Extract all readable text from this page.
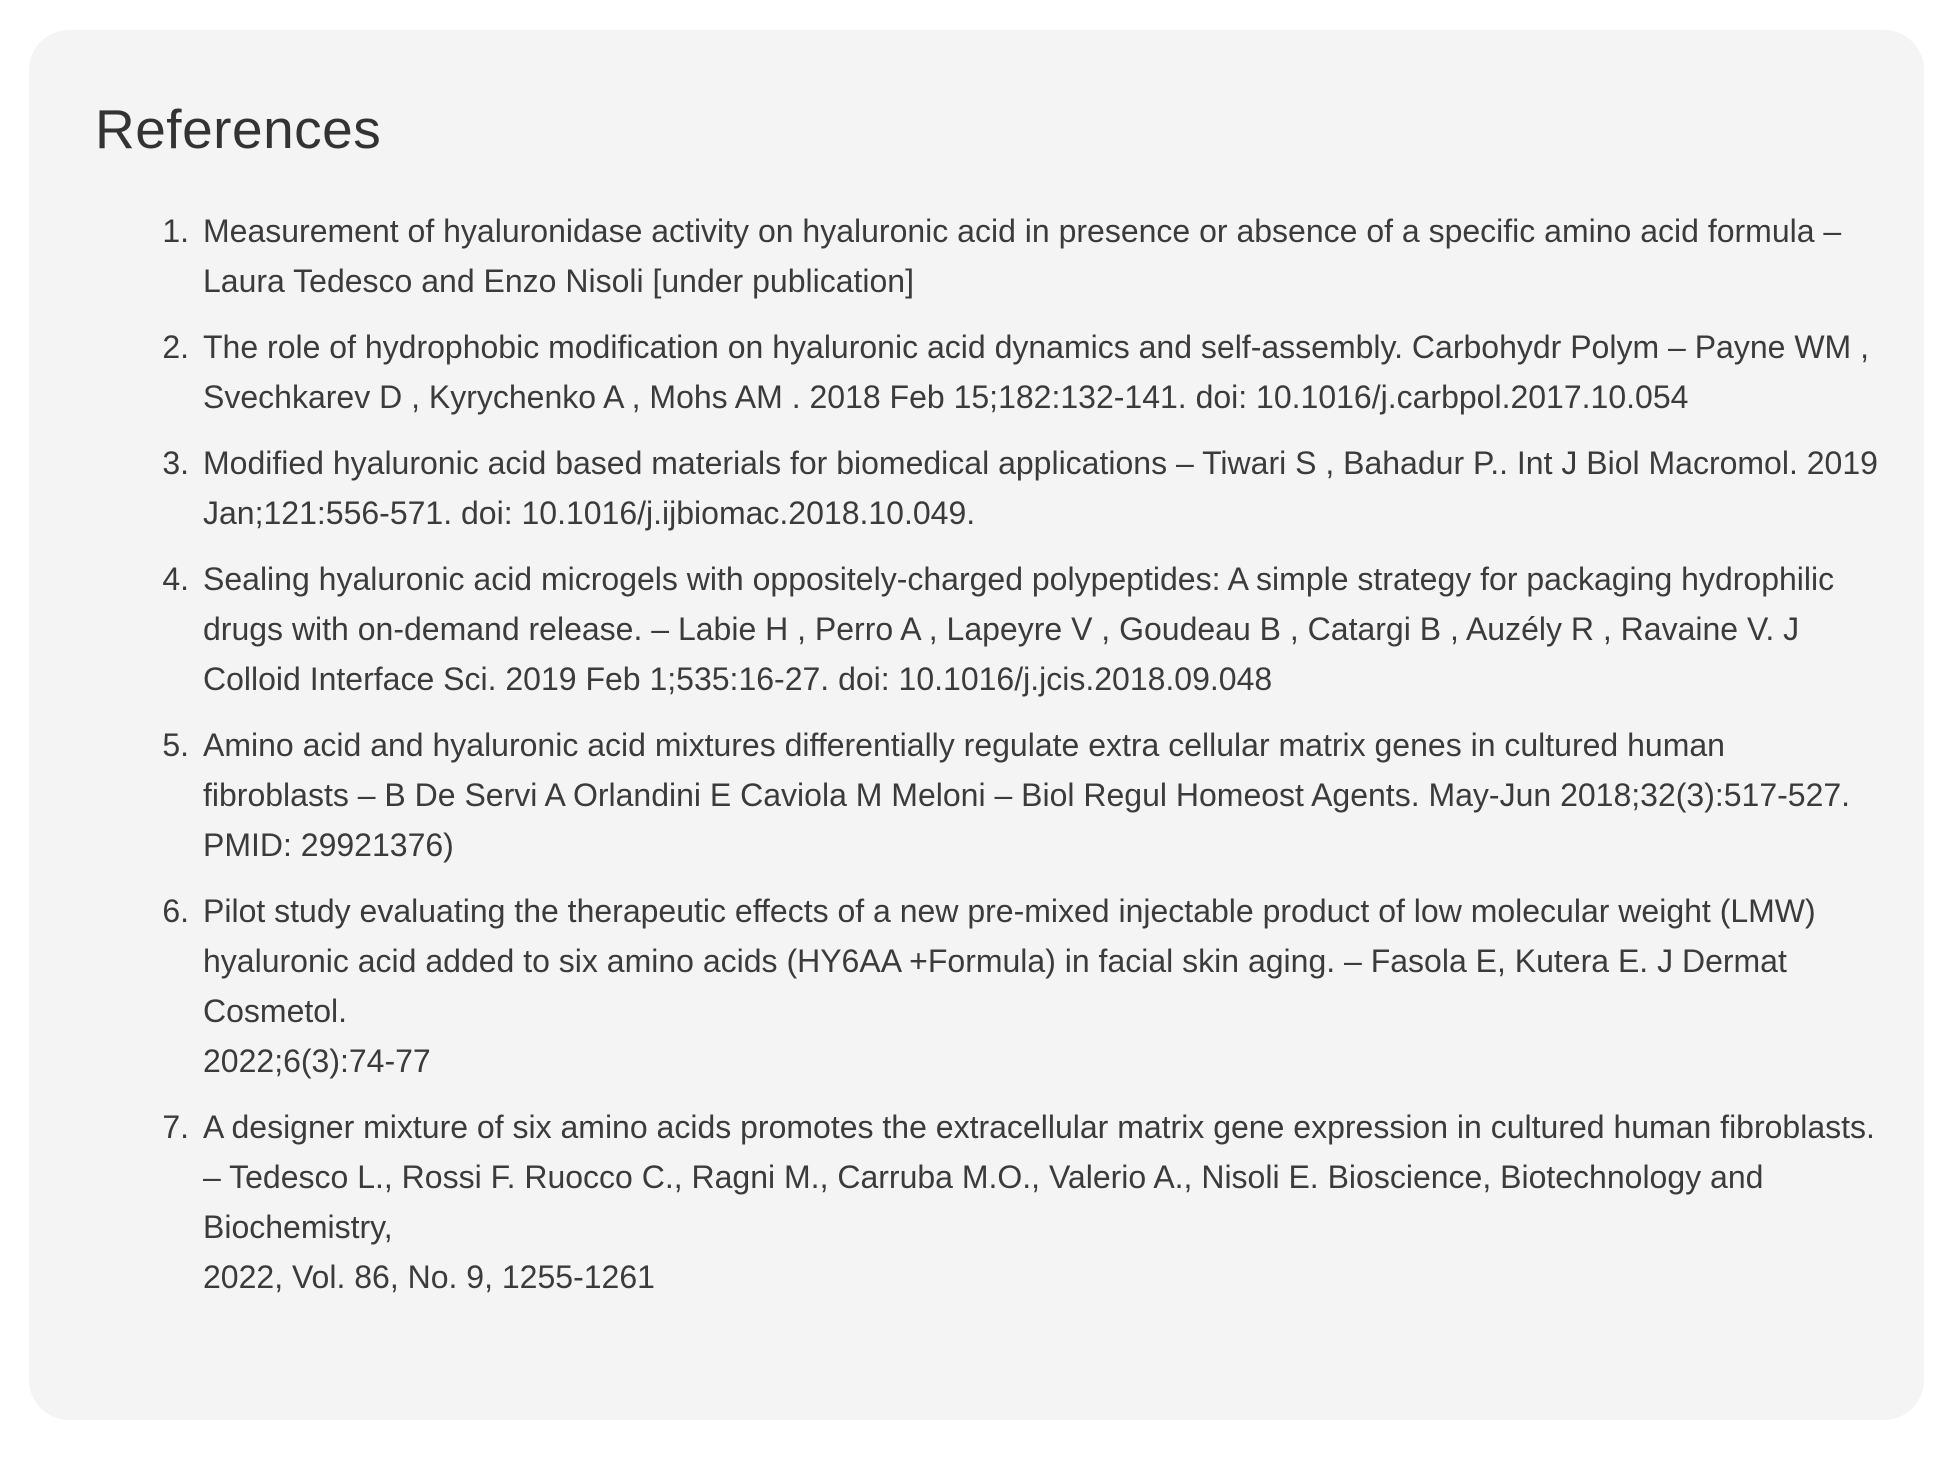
References
1. Measurement of hyaluronidase activity on hyaluronic acid in presence or absence of a specific amino acid formula – Laura Tedesco and Enzo Nisoli [under publication]
2. The role of hydrophobic modification on hyaluronic acid dynamics and self-assembly. Carbohydr Polym – Payne WM , Svechkarev D , Kyrychenko A , Mohs AM . 2018 Feb 15;182:132-141. doi: 10.1016/j.carbpol.2017.10.054
3. Modified hyaluronic acid based materials for biomedical applications – Tiwari S , Bahadur P.. Int J Biol Macromol. 2019 Jan;121:556-571. doi: 10.1016/j.ijbiomac.2018.10.049.
4. Sealing hyaluronic acid microgels with oppositely-charged polypeptides: A simple strategy for packaging hydrophilic drugs with on-demand release. – Labie H , Perro A , Lapeyre V , Goudeau B , Catargi B , Auzély R , Ravaine V. J Colloid Interface Sci. 2019 Feb 1;535:16-27. doi: 10.1016/j.jcis.2018.09.048
5. Amino acid and hyaluronic acid mixtures differentially regulate extra cellular matrix genes in cultured human fibroblasts – B De Servi A Orlandini E Caviola M Meloni – Biol Regul Homeost Agents. May-Jun 2018;32(3):517-527. PMID: 29921376)
6. Pilot study evaluating the therapeutic effects of a new pre-mixed injectable product of low molecular weight (LMW) hyaluronic acid added to six amino acids (HY6AA +Formula) in facial skin aging. – Fasola E, Kutera E. J Dermat Cosmetol.
2022;6(3):74-77
7. A designer mixture of six amino acids promotes the extracellular matrix gene expression in cultured human fibroblasts. – Tedesco L., Rossi F. Ruocco C., Ragni M., Carruba M.O., Valerio A., Nisoli E. Bioscience, Biotechnology and Biochemistry,
2022, Vol. 86, No. 9, 1255-1261
